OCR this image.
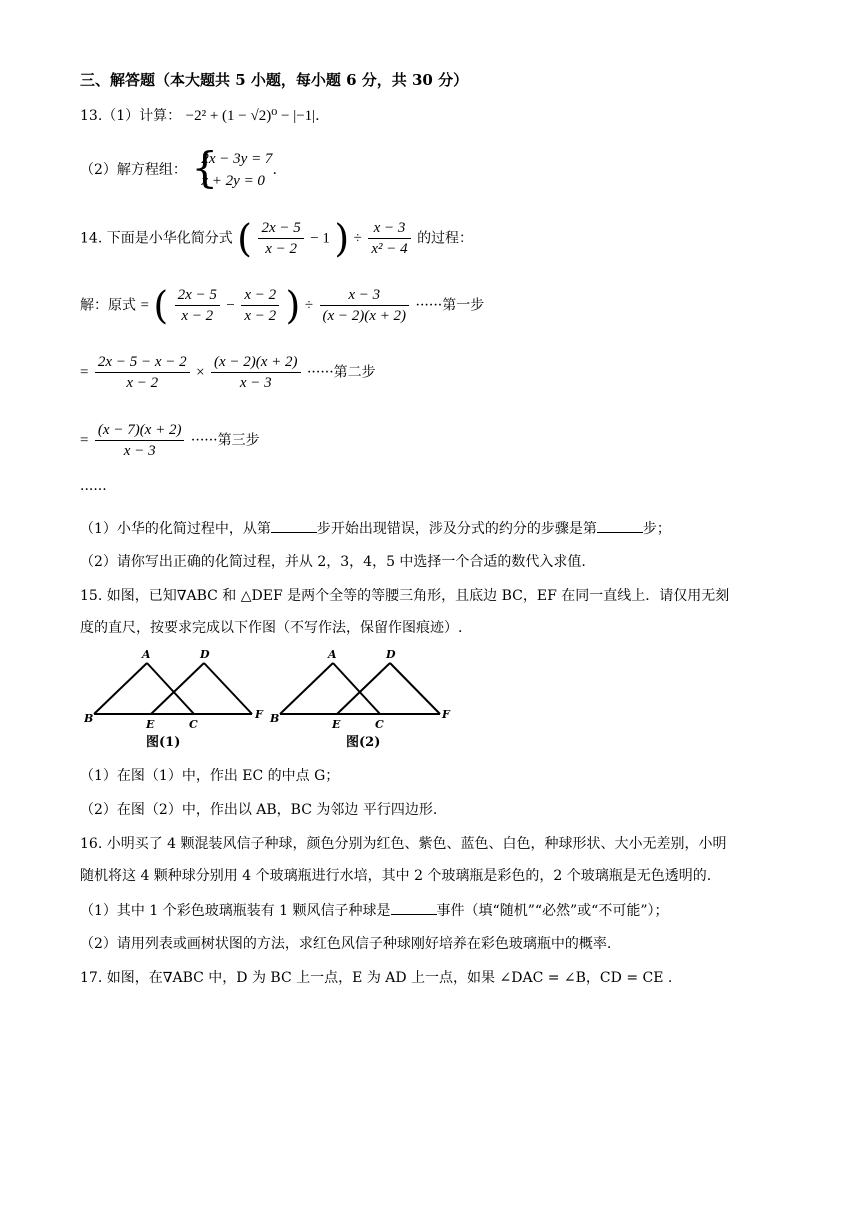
三、解答题（本大题共 5 小题，每小题 6 分，共 30 分）
13.（1）计算： −2² + (1 − √2)⁰ − |−1|.
（2）解方程组： {
2x − 3y = 7
x + 2y = 0
.
14. 下面是小华化简分式 ( $\frac{2x - 5}{x - 2} - 1$ ) ÷ $\frac{x - 3}{\text{x² − 4}}$ 的过程：
解：原式 = ( $\frac{2x - 5}{x - 2} - \frac{x - 2}{x - 2}$ ) ÷ $\frac{x - 3}{(x - 2)(x + 2)}$ ······第一步
= $\frac{2x - 5 - x - 2}{x - 2} \times \frac{(x - 2)(x + 2)}{x - 3}$ ······第二步
= $\frac{(x - 7)(x + 2)}{x - 3}$ ······第三步
······
（1）小华的化简过程中，从第	步开始出现错误，涉及分式的约分的步骤是第	步；
（2）请你写出正确的化简过程，并从 2，3，4，5 中选择一个合适的数代入求值.
15. 如图，已知∇ABC 和 △DEF 是两个全等的等腰三角形，且底边 BC，EF 在同一直线上．请仅用无刻
度的直尺，按要求完成以下作图（不写作法，保留作图痕迹）.
A	D
B	E	C
F
A	D
B	E	C
F
图(1)	图(2)
（1）在图（1）中，作出 EC 的中点 G；
（2）在图（2）中，作出以 AB，BC 为邻边 平行四边形.
16. 小明买了 4 颗混装风信子种球，颜色分别为红色、紫色、蓝色、白色，种球形状、大小无差别，小明
随机将这 4 颗种球分别用 4 个玻璃瓶进行水培，其中 2 个玻璃瓶是彩色的，2 个玻璃瓶是无色透明的.
（1）其中 1 个彩色玻璃瓶装有 1 颗风信子种球是	事件（填“随机”“必然”或“不可能”）；
（2）请用列表或画树状图的方法，求红色风信子种球刚好培养在彩色玻璃瓶中的概率.
17. 如图，在∇ABC 中，D 为 BC 上一点，E 为 AD 上一点，如果 ∠DAC = ∠B，CD = CE .
